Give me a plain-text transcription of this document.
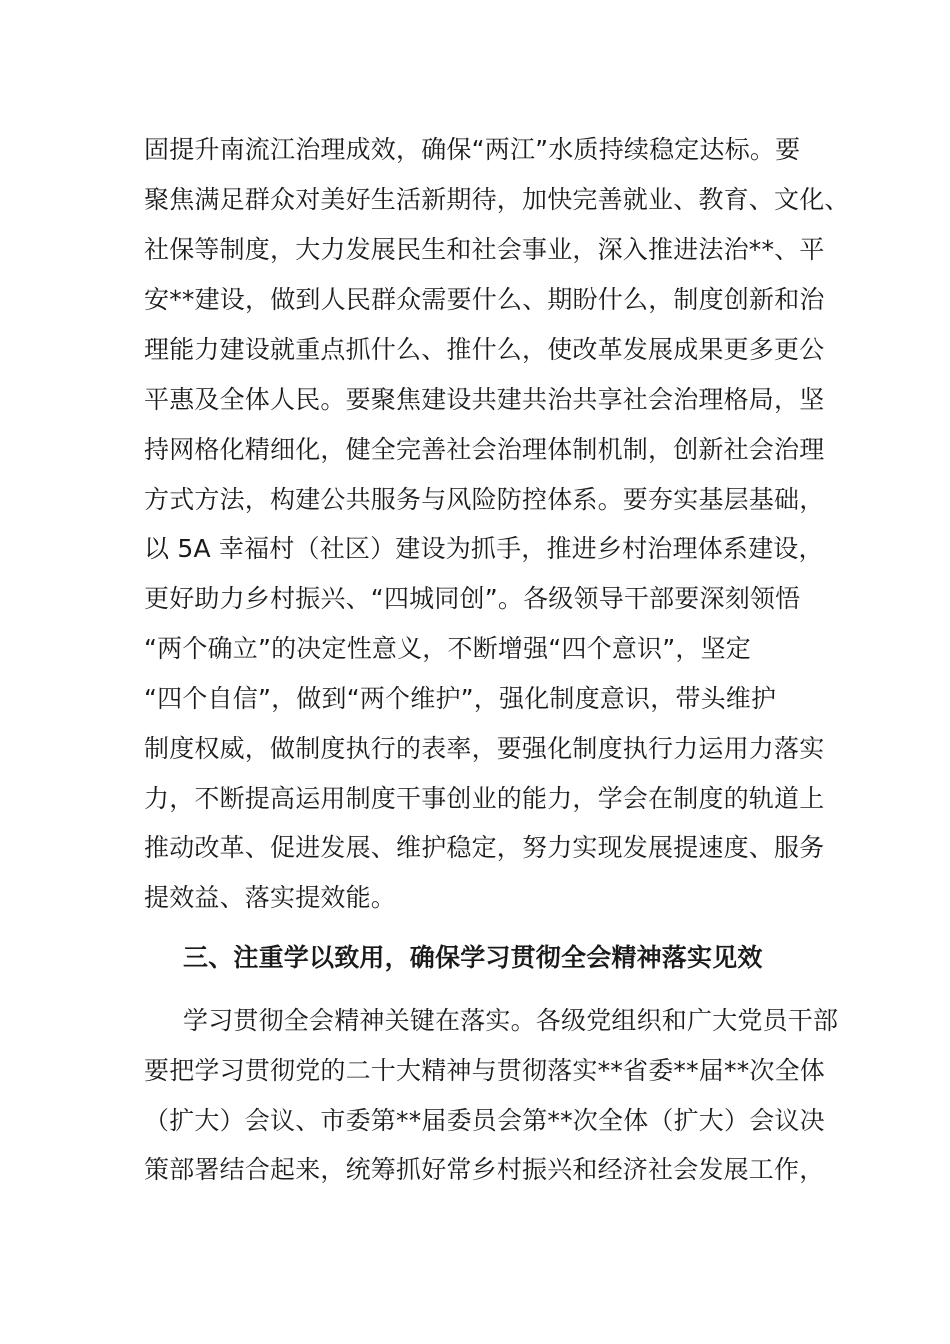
固提升南流江治理成效，确保“两江”水质持续稳定达标。要
聚焦满足群众对美好生活新期待，加快完善就业、教育、文化、
社保等制度，大力发展民生和社会事业，深入推进法治**、平
安**建设，做到人民群众需要什么、期盼什么，制度创新和治
理能力建设就重点抓什么、推什么，使改革发展成果更多更公
平惠及全体人民。要聚焦建设共建共治共享社会治理格局，坚
持网格化精细化，健全完善社会治理体制机制，创新社会治理
方式方法，构建公共服务与风险防控体系。要夯实基层基础，
以 5A 幸福村（社区）建设为抓手，推进乡村治理体系建设，
更好助力乡村振兴、“四城同创”。各级领导干部要深刻领悟
“两个确立”的决定性意义，不断增强“四个意识”，坚定
“四个自信”，做到“两个维护”，强化制度意识，带头维护
制度权威，做制度执行的表率，要强化制度执行力运用力落实
力，不断提高运用制度干事创业的能力，学会在制度的轨道上
推动改革、促进发展、维护稳定，努力实现发展提速度、服务
提效益、落实提效能。
三、注重学以致用，确保学习贯彻全会精神落实见效
学习贯彻全会精神关键在落实。各级党组织和广大党员干部
要把学习贯彻党的二十大精神与贯彻落实**省委**届**次全体
（扩大）会议、市委第**届委员会第**次全体（扩大）会议决
策部署结合起来，统筹抓好常乡村振兴和经济社会发展工作，
